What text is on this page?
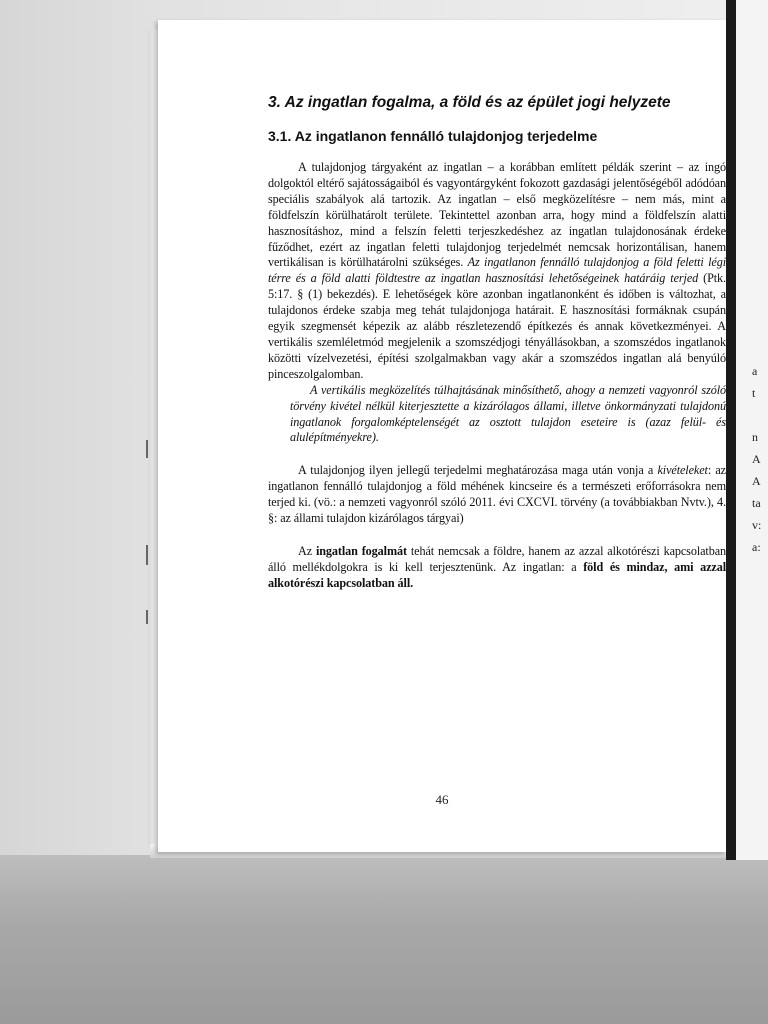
a
t
n
A
A
ta
v:
a:
3. Az ingatlan fogalma, a föld és az épület jogi helyzete
3.1. Az ingatlanon fennálló tulajdonjog terjedelme

A tulajdonjog tárgyaként az ingatlan – a korábban említett példák szerint – az ingó dolgoktól eltérő sajátosságaiból és vagyontárgyként fokozott gazdasági jelentőségéből adódóan speciális szabályok alá tartozik. Az ingatlan – első megközelítésre – nem más, mint a földfelszín körülhatárolt területe. Tekintettel azonban arra, hogy mind a földfelszín alatti hasznosításhoz, mind a felszín feletti terjeszkedéshez az ingatlan tulajdonosának érdeke fűződhet, ezért az ingatlan feletti tulajdonjog terjedelmét nemcsak horizontálisan, hanem vertikálisan is körülhatárolni szükséges. Az ingatlanon fennálló tulajdonjog a föld feletti légi térre és a föld alatti földtestre az ingatlan hasznosítási lehetőségeinek határáig terjed (Ptk. 5:17. § (1) bekezdés). E lehetőségek köre azonban ingatlanonként és időben is változhat, a tulajdonos érdeke szabja meg tehát tulajdonjoga határait. E hasznosítási formáknak csupán egyik szegmensét képezik az alább részletezendő építkezés és annak következményei. A vertikális szemléletmód megjelenik a szomszédjogi tényállásokban, a szomszédos ingatlanok közötti vízelvezetési, építési szolgalmakban vagy akár a szomszédos ingatlan alá benyúló pinceszolgalomban.

A vertikális megközelítés túlhajtásának minősíthető, ahogy a nemzeti vagyonról szóló törvény kivétel nélkül kiterjesztette a kizárólagos állami, illetve önkormányzati tulajdonú ingatlanok forgalomképtelenségét az osztott tulajdon eseteire is (azaz felül- és alulépítményekre).

A tulajdonjog ilyen jellegű terjedelmi meghatározása maga után vonja a kivételeket: az ingatlanon fennálló tulajdonjog a föld méhének kincseire és a természeti erőforrásokra nem terjed ki. (vö.: a nemzeti vagyonról szóló 2011. évi CXCVI. törvény (a továbbiakban Nvtv.), 4. §: az állami tulajdon kizárólagos tárgyai)

Az ingatlan fogalmát tehát nemcsak a földre, hanem az azzal alkotórészi kapcsolatban álló mellékdolgokra is ki kell terjesztenünk. Az ingatlan: a föld és mindaz, ami azzal alkotórészi kapcsolatban áll.

46
